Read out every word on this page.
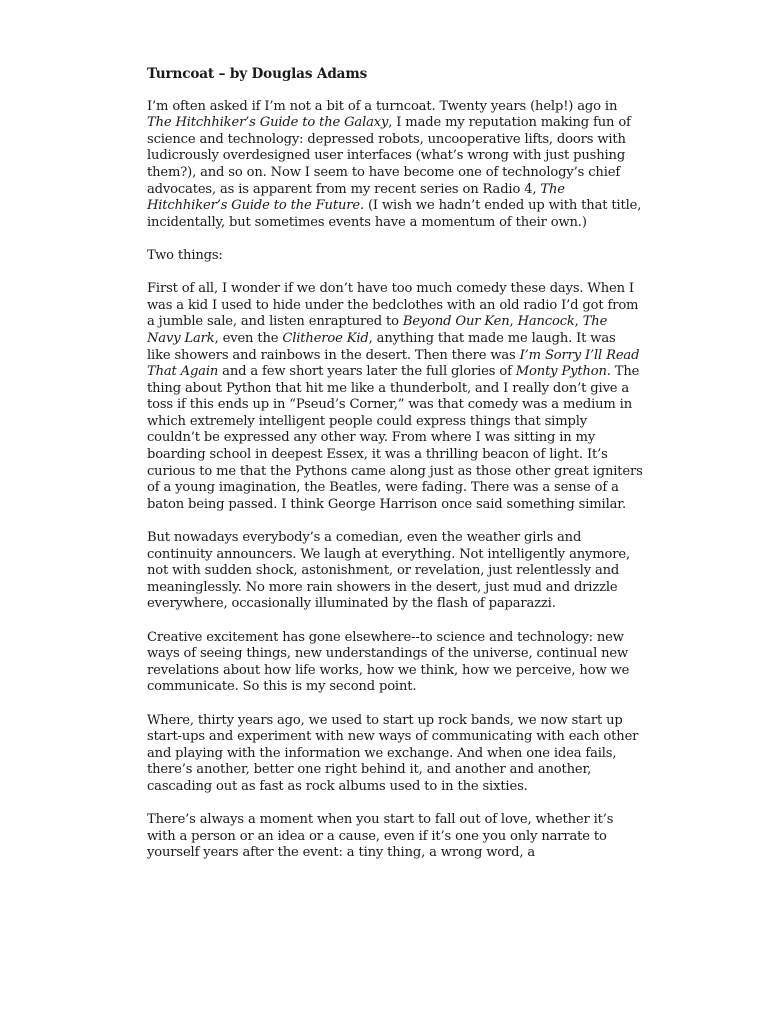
Turncoat – by Douglas Adams

I’m often asked if I’m not a bit of a turncoat. Twenty years (help!) ago in The Hitchhiker’s Guide to the Galaxy, I made my reputation making fun of science and technology: depressed robots, uncooperative lifts, doors with ludicrously overdesigned user interfaces (what’s wrong with just pushing them?), and so on. Now I seem to have become one of technology’s chief advocates, as is apparent from my recent series on Radio 4, The Hitchhiker’s Guide to the Future. (I wish we hadn’t ended up with that title, incidentally, but sometimes events have a momentum of their own.)

Two things:

First of all, I wonder if we don’t have too much comedy these days. When I was a kid I used to hide under the bedclothes with an old radio I’d got from a jumble sale, and listen enraptured to Beyond Our Ken, Hancock, The Navy Lark, even the Clitheroe Kid, anything that made me laugh. It was like showers and rainbows in the desert. Then there was I’m Sorry I’ll Read That Again and a few short years later the full glories of Monty Python. The thing about Python that hit me like a thunderbolt, and I really don’t give a toss if this ends up in “Pseud’s Corner,” was that comedy was a medium in which extremely intelligent people could express things that simply couldn’t be expressed any other way. From where I was sitting in my boarding school in deepest Essex, it was a thrilling beacon of light. It’s curious to me that the Pythons came along just as those other great igniters of a young imagination, the Beatles, were fading. There was a sense of a baton being passed. I think George Harrison once said something similar.

But nowadays everybody’s a comedian, even the weather girls and continuity announcers. We laugh at everything. Not intelligently anymore, not with sudden shock, astonishment, or revelation, just relentlessly and meaninglessly. No more rain showers in the desert, just mud and drizzle everywhere, occasionally illuminated by the flash of paparazzi.

Creative excitement has gone elsewhere--to science and technology: new ways of seeing things, new understandings of the universe, continual new revelations about how life works, how we think, how we perceive, how we communicate. So this is my second point.

Where, thirty years ago, we used to start up rock bands, we now start up start-ups and experiment with new ways of communicating with each other and playing with the information we exchange. And when one idea fails, there’s another, better one right behind it, and another and another, cascading out as fast as rock albums used to in the sixties.

There’s always a moment when you start to fall out of love, whether it’s with a person or an idea or a cause, even if it’s one you only narrate to yourself years after the event: a tiny thing, a wrong word, a
